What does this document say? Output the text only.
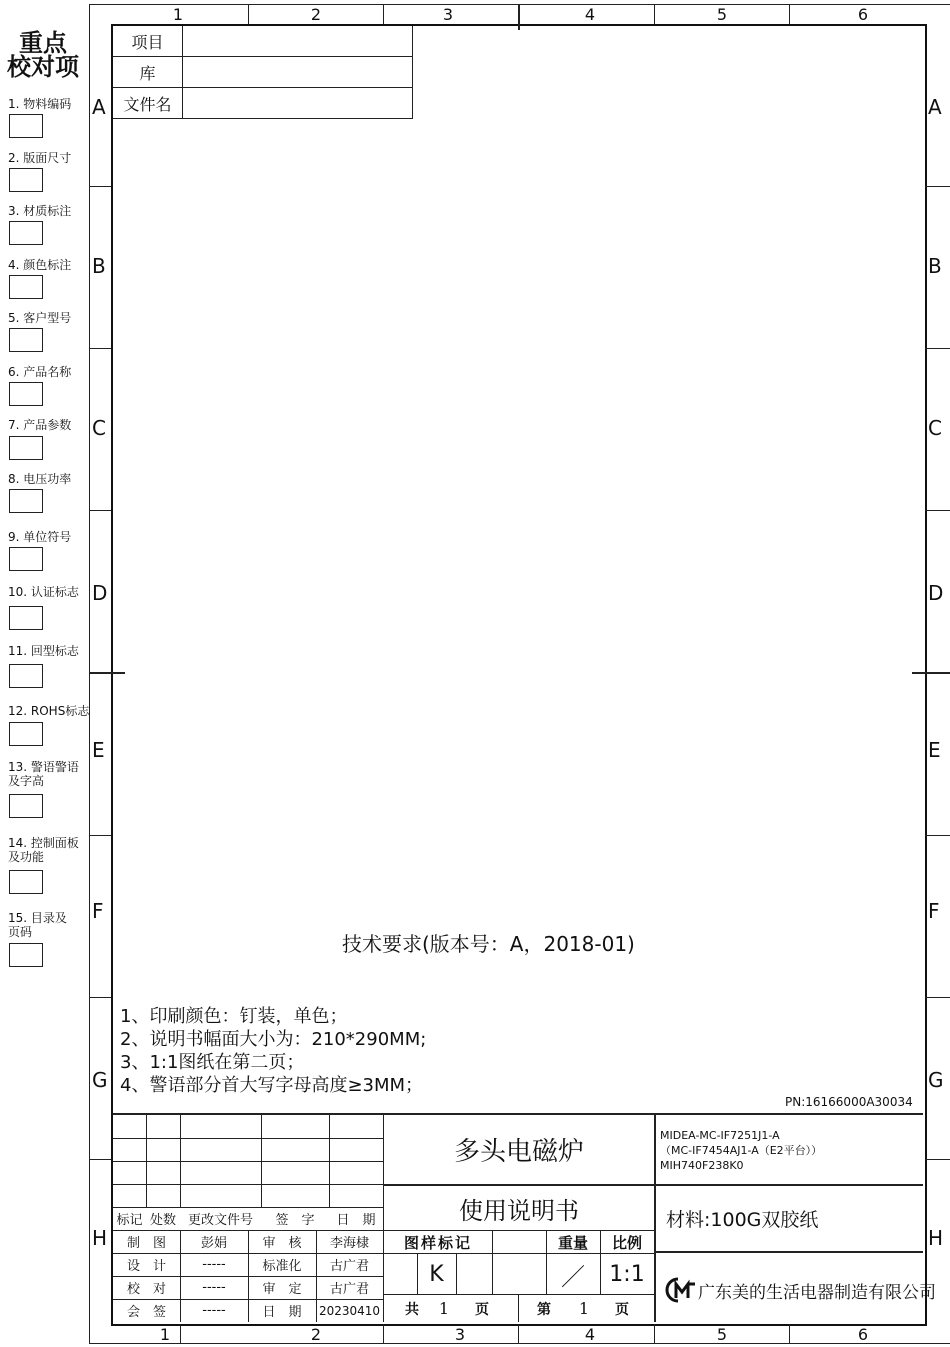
重点
校对项
1. 物料编码
2. 版面尺寸
3. 材质标注
4. 颜色标注
5. 客户型号
6. 产品名称
7. 产品参数
8. 电压功率
9. 单位符号
10. 认证标志
11. 回型标志
12. ROHS标志
13. 警语警语
及字高
14. 控制面板
及功能
15. 目录及
页码
1	2	3	4	5	6
1	2	3	4	5	6
A
B
C
D
E
F
G
H
A
B
C
D
E
F
G
H
项目
库
文件名
技术要求(版本号：A，2018-01)
1、印刷颜色：钉装，单色；
2、说明书幅面大小为：210*290MM;
3、1:1图纸在第二页；
4、警语部分首大写字母高度≥3MM；
PN:16166000A30034
标记 处数 更改文件号	签　字	日　期
制　图	彭娟	审　核	李海棣
设　计	-----	标准化	古广君
校　对	-----	审　定	古广君
会　签	-----	日　期	20230410
多头电磁炉
使用说明书
图样标记	重量	比例
K	／	1:1
共	1	页	第	1	页
MIDEA-MC-IF7251J1-A
（MC-IF7454AJ1-A（E2平台））
MIH740F238K0
材料:100G双胶纸
广东美的生活电器制造有限公司
